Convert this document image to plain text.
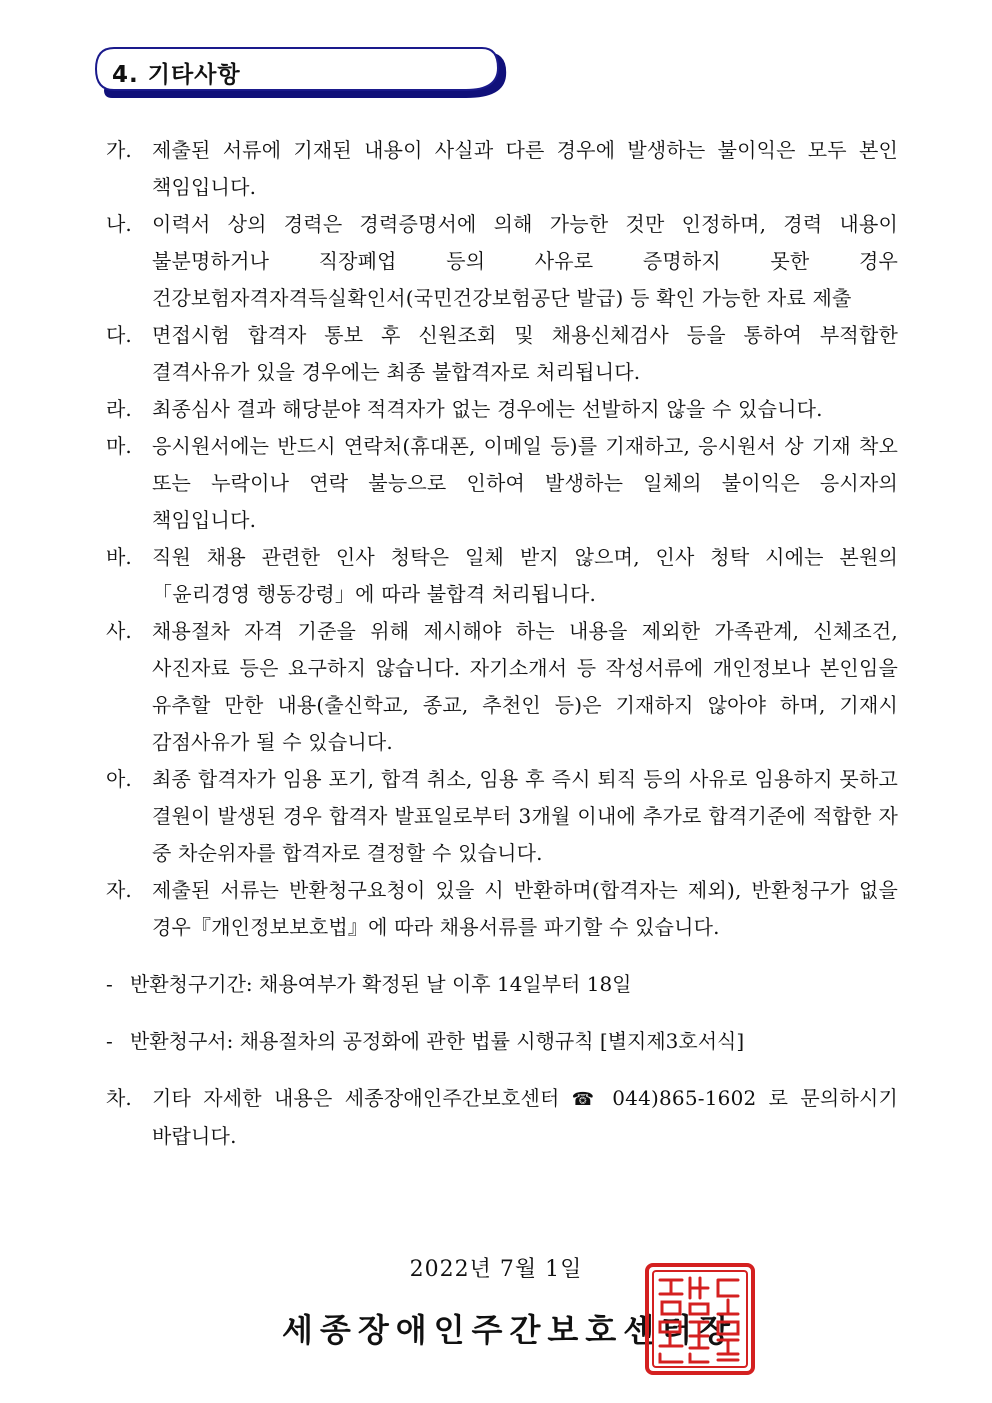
4. 기타사항

가. 제출된 서류에 기재된 내용이 사실과 다른 경우에 발생하는 불이익은 모두 본인 책임입니다.

나. 이력서 상의 경력은 경력증명서에 의해 가능한 것만 인정하며, 경력 내용이 불분명하거나 직장폐업 등의 사유로 증명하지 못한 경우 건강보험자격자격득실확인서(국민건강보험공단 발급) 등 확인 가능한 자료 제출

다. 면접시험 합격자 통보 후 신원조회 및 채용신체검사 등을 통하여 부적합한 결격사유가 있을 경우에는 최종 불합격자로 처리됩니다.

라. 최종심사 결과 해당분야 적격자가 없는 경우에는 선발하지 않을 수 있습니다.

마. 응시원서에는 반드시 연락처(휴대폰, 이메일 등)를 기재하고, 응시원서 상 기재 착오 또는 누락이나 연락 불능으로 인하여 발생하는 일체의 불이익은 응시자의 책임입니다.

바. 직원 채용 관련한 인사 청탁은 일체 받지 않으며, 인사 청탁 시에는 본원의 「윤리경영 행동강령」에 따라 불합격 처리됩니다.

사. 채용절차 자격 기준을 위해 제시해야 하는 내용을 제외한 가족관계, 신체조건, 사진자료 등은 요구하지 않습니다. 자기소개서 등 작성서류에 개인정보나 본인임을 유추할 만한 내용(출신학교, 종교, 추천인 등)은 기재하지 않아야 하며, 기재시 감점사유가 될 수 있습니다.

아. 최종 합격자가 임용 포기, 합격 취소, 임용 후 즉시 퇴직 등의 사유로 임용하지 못하고 결원이 발생된 경우 합격자 발표일로부터 3개월 이내에 추가로 합격기준에 적합한 자 중 차순위자를 합격자로 결정할 수 있습니다.

자. 제출된 서류는 반환청구요청이 있을 시 반환하며(합격자는 제외), 반환청구가 없을 경우『개인정보보호법』에 따라 채용서류를 파기할 수 있습니다.

- 반환청구기간: 채용여부가 확정된 날 이후 14일부터 18일

- 반환청구서: 채용절차의 공정화에 관한 법률 시행규칙 [별지제3호서식]

차. 기타 자세한 내용은 세종장애인주간보호센터 ☎ 044)865-1602 로 문의하시기 바랍니다.

2022년 7월 1일
세종장애인주간보호센터장
